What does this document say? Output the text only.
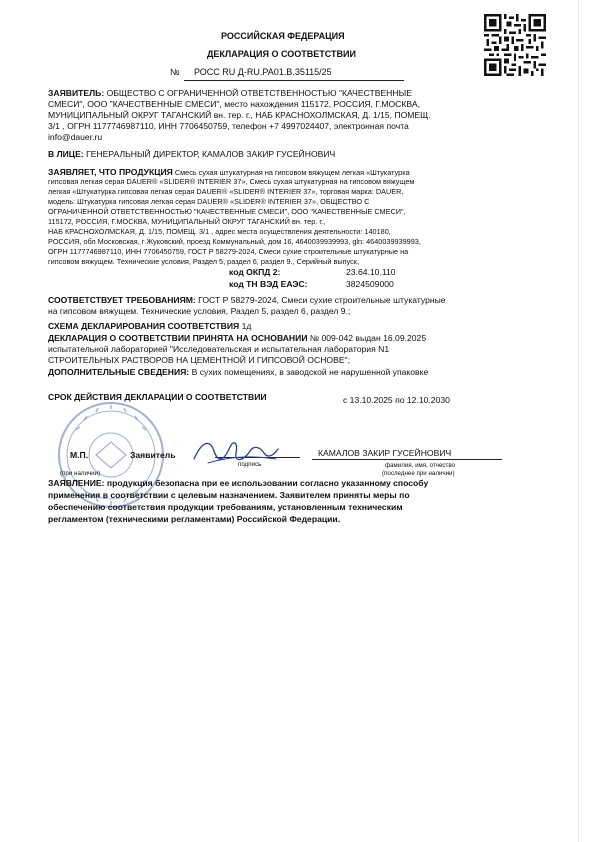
РОССИЙСКАЯ ФЕДЕРАЦИЯ
ДЕКЛАРАЦИЯ О СООТВЕТСТВИИ
№ РОСС RU Д-RU.РА01.В.35115/25
ЗАЯВИТЕЛЬ: ОБЩЕСТВО С ОГРАНИЧЕННОЙ ОТВЕТСТВЕННОСТЬЮ "КАЧЕСТВЕННЫЕ
СМЕСИ", ООО "КАЧЕСТВЕННЫЕ СМЕСИ", место нахождения 115172, РОССИЯ, Г.МОСКВА,
МУНИЦИПАЛЬНЫЙ ОКРУГ ТАГАНСКИЙ вн. тер. г., НАБ КРАСНОХОЛМСКАЯ, Д. 1/15, ПОМЕЩ.
3/1 , ОГРН 1177746987110, ИНН 7706450759, телефон +7 4997024407, электронная почта
info@dauer.ru
В ЛИЦЕ: ГЕНЕРАЛЬНЫЙ ДИРЕКТОР, КАМАЛОВ ЗАКИР ГУСЕЙНОВИЧ
ЗАЯВЛЯЕТ, ЧТО ПРОДУКЦИЯ Смесь сухая штукатурная на гипсовом вяжущем легкая «Штукатурка
гипсовая легкая серая DAUER® «SLIDER® INTERIER 37», Смесь сухая штукатурная на гипсовом вяжущем
легкая «Штукатурка гипсовая легкая серая DAUER® «SLIDER® INTERIER 37», торговая марка: DAUER,
модель: Штукатурка гипсовая легкая серая DAUER® «SLIDER® INTERIER 37», ОБЩЕСТВО С
ОГРАНИЧЕННОЙ ОТВЕТСТВЕННОСТЬЮ "КАЧЕСТВЕННЫЕ СМЕСИ", ООО "КАЧЕСТВЕННЫЕ СМЕСИ",
115172, РОССИЯ, Г.МОСКВА, МУНИЦИПАЛЬНЫЙ ОКРУГ ТАГАНСКИЙ вн. тер. г.,
НАБ КРАСНОХОЛМСКАЯ, Д. 1/15, ПОМЕЩ. 3/1 , адрес места осуществления деятельности: 140180,
РОССИЯ, обл Московская, г Жуковский, проезд Коммунальный, дом 16, 4640039939993, gln: 4640039939993,
ОГРН 1177746987110, ИНН 7706450759, ГОСТ Р 58279-2024, Смеси сухие строительные штукатурные на
гипсовом вяжущем. Технические условия, Раздел 5, раздел 6, раздел 9., Серийный выпуск,
код ОКПД 2:	23.64.10.110
код ТН ВЭД ЕАЭС:	3824509000
СООТВЕТСТВУЕТ ТРЕБОВАНИЯМ: ГОСТ Р 58279-2024, Смеси сухие строительные штукатурные
на гипсовом вяжущем. Технические условия, Раздел 5, раздел 6, раздел 9.;
СХЕМА ДЕКЛАРИРОВАНИЯ СООТВЕТСТВИЯ 1д
ДЕКЛАРАЦИЯ О СООТВЕТСТВИИ ПРИНЯТА НА ОСНОВАНИИ № 009-042 выдан 16.09.2025
испытательной лабораторией "Исследовательская и испытательная лаборатория N1
СТРОИТЕЛЬНЫХ РАСТВОРОВ НА ЦЕМЕНТНОЙ И ГИПСОВОЙ ОСНОВЕ";
ДОПОЛНИТЕЛЬНЫЕ СВЕДЕНИЯ: В сухих помещениях, в заводской не нарушенной упаковке
СРОК ДЕЙСТВИЯ ДЕКЛАРАЦИИ О СООТВЕТСТВИИ	с 13.10.2025 по 12.10.2030
М.П.	Заявитель	КАМАЛОВ ЗАКИР ГУСЕЙНОВИЧ
(при наличии)
подпись	фамилия, имя, отчество
(последнее при наличии)
ЗАЯВЛЕНИЕ: продукция безопасна при ее использовании согласно указанному способу
применения в соответствии с целевым назначением. Заявителем приняты меры по
обеспечению соответствия продукции требованиям, установленным техническим
регламентом (техническими регламентами) Российской Федерации.
